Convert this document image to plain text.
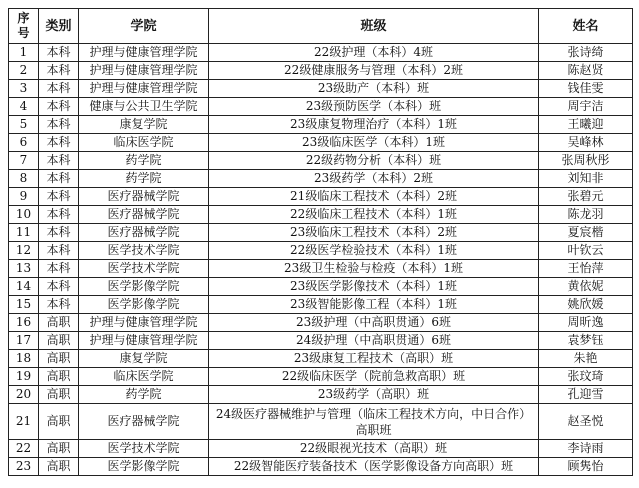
序号	类别	学院	班级	姓名
1	本科	护理与健康管理学院	22级护理（本科）4班	张诗绮
2	本科	护理与健康管理学院	22级健康服务与管理（本科）2班	陈赵贤
3	本科	护理与健康管理学院	23级助产（本科）班	钱佳雯
4	本科	健康与公共卫生学院	23级预防医学（本科）班	周宇洁
5	本科	康复学院	23级康复物理治疗（本科）1班	王曦迎
6	本科	临床医学院	23级临床医学（本科）1班	吴峰林
7	本科	药学院	22级药物分析（本科）班	张周秋彤
8	本科	药学院	23级药学（本科）2班	刘知非
9	本科	医疗器械学院	21级临床工程技术（本科）2班	张碧元
10	本科	医疗器械学院	22级临床工程技术（本科）1班	陈龙羽
11	本科	医疗器械学院	23级临床工程技术（本科）2班	夏宸楷
12	本科	医学技术学院	22级医学检验技术（本科）1班	叶钦云
13	本科	医学技术学院	23级卫生检验与检疫（本科）1班	王怡萍
14	本科	医学影像学院	23级医学影像技术（本科）1班	黄依妮
15	本科	医学影像学院	23级智能影像工程（本科）1班	姚欣媛
16	高职	护理与健康管理学院	23级护理（中高职贯通）6班	周昕逸
17	高职	护理与健康管理学院	24级护理（中高职贯通）6班	袁梦钰
18	高职	康复学院	23级康复工程技术（高职）班	朱艳
19	高职	临床医学院	22级临床医学（院前急救高职）班	张玟琦
20	高职	药学院	23级药学（高职）班	孔迎雪
21	高职	医疗器械学院	24级医疗器械维护与管理（临床工程技术方向，中日合作）高职班	赵圣悦
22	高职	医学技术学院	22级眼视光技术（高职）班	李诗雨
23	高职	医学影像学院	22级智能医疗装备技术（医学影像设备方向高职）班	顾隽怡
